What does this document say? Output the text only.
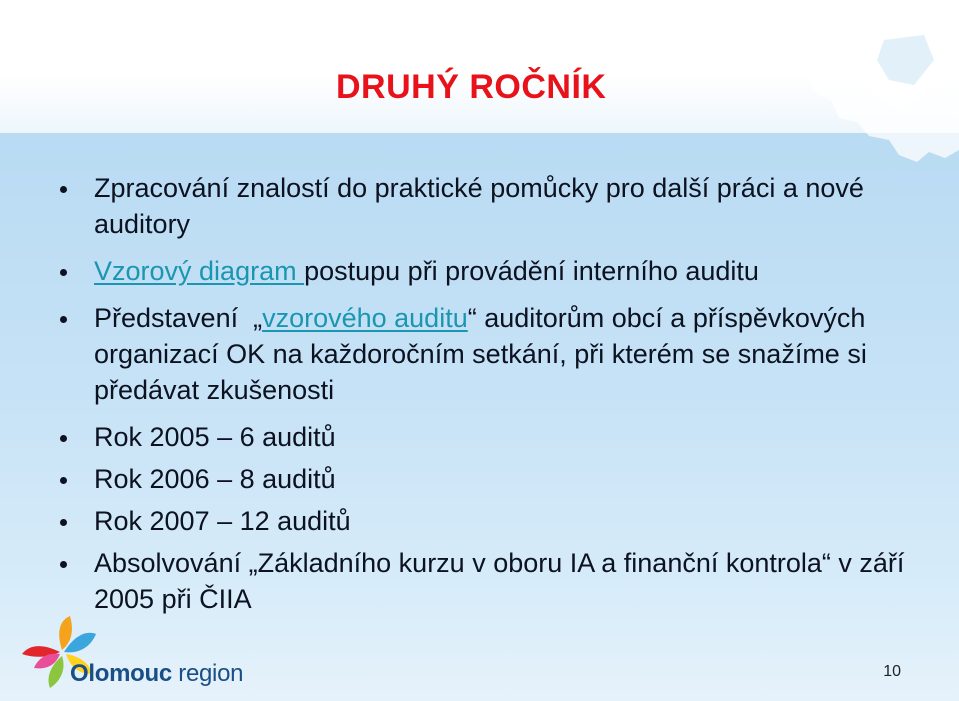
DRUHÝ ROČNÍK
Zpracování znalostí do praktické pomůcky pro další práci a nové auditory
Vzorový diagram postupu při provádění interního auditu
Představení  „vzorového auditu“ auditorům obcí a příspěvkových organizací OK na každoročním setkání, při kterém se snažíme si předávat zkušenosti
Rok 2005 – 6 auditů
Rok 2006 – 8 auditů
Rok 2007 – 12 auditů
Absolvování „Základního kurzu v oboru IA a finanční kontrola“ v září 2005 při ČIIA
Olomouc region	10
